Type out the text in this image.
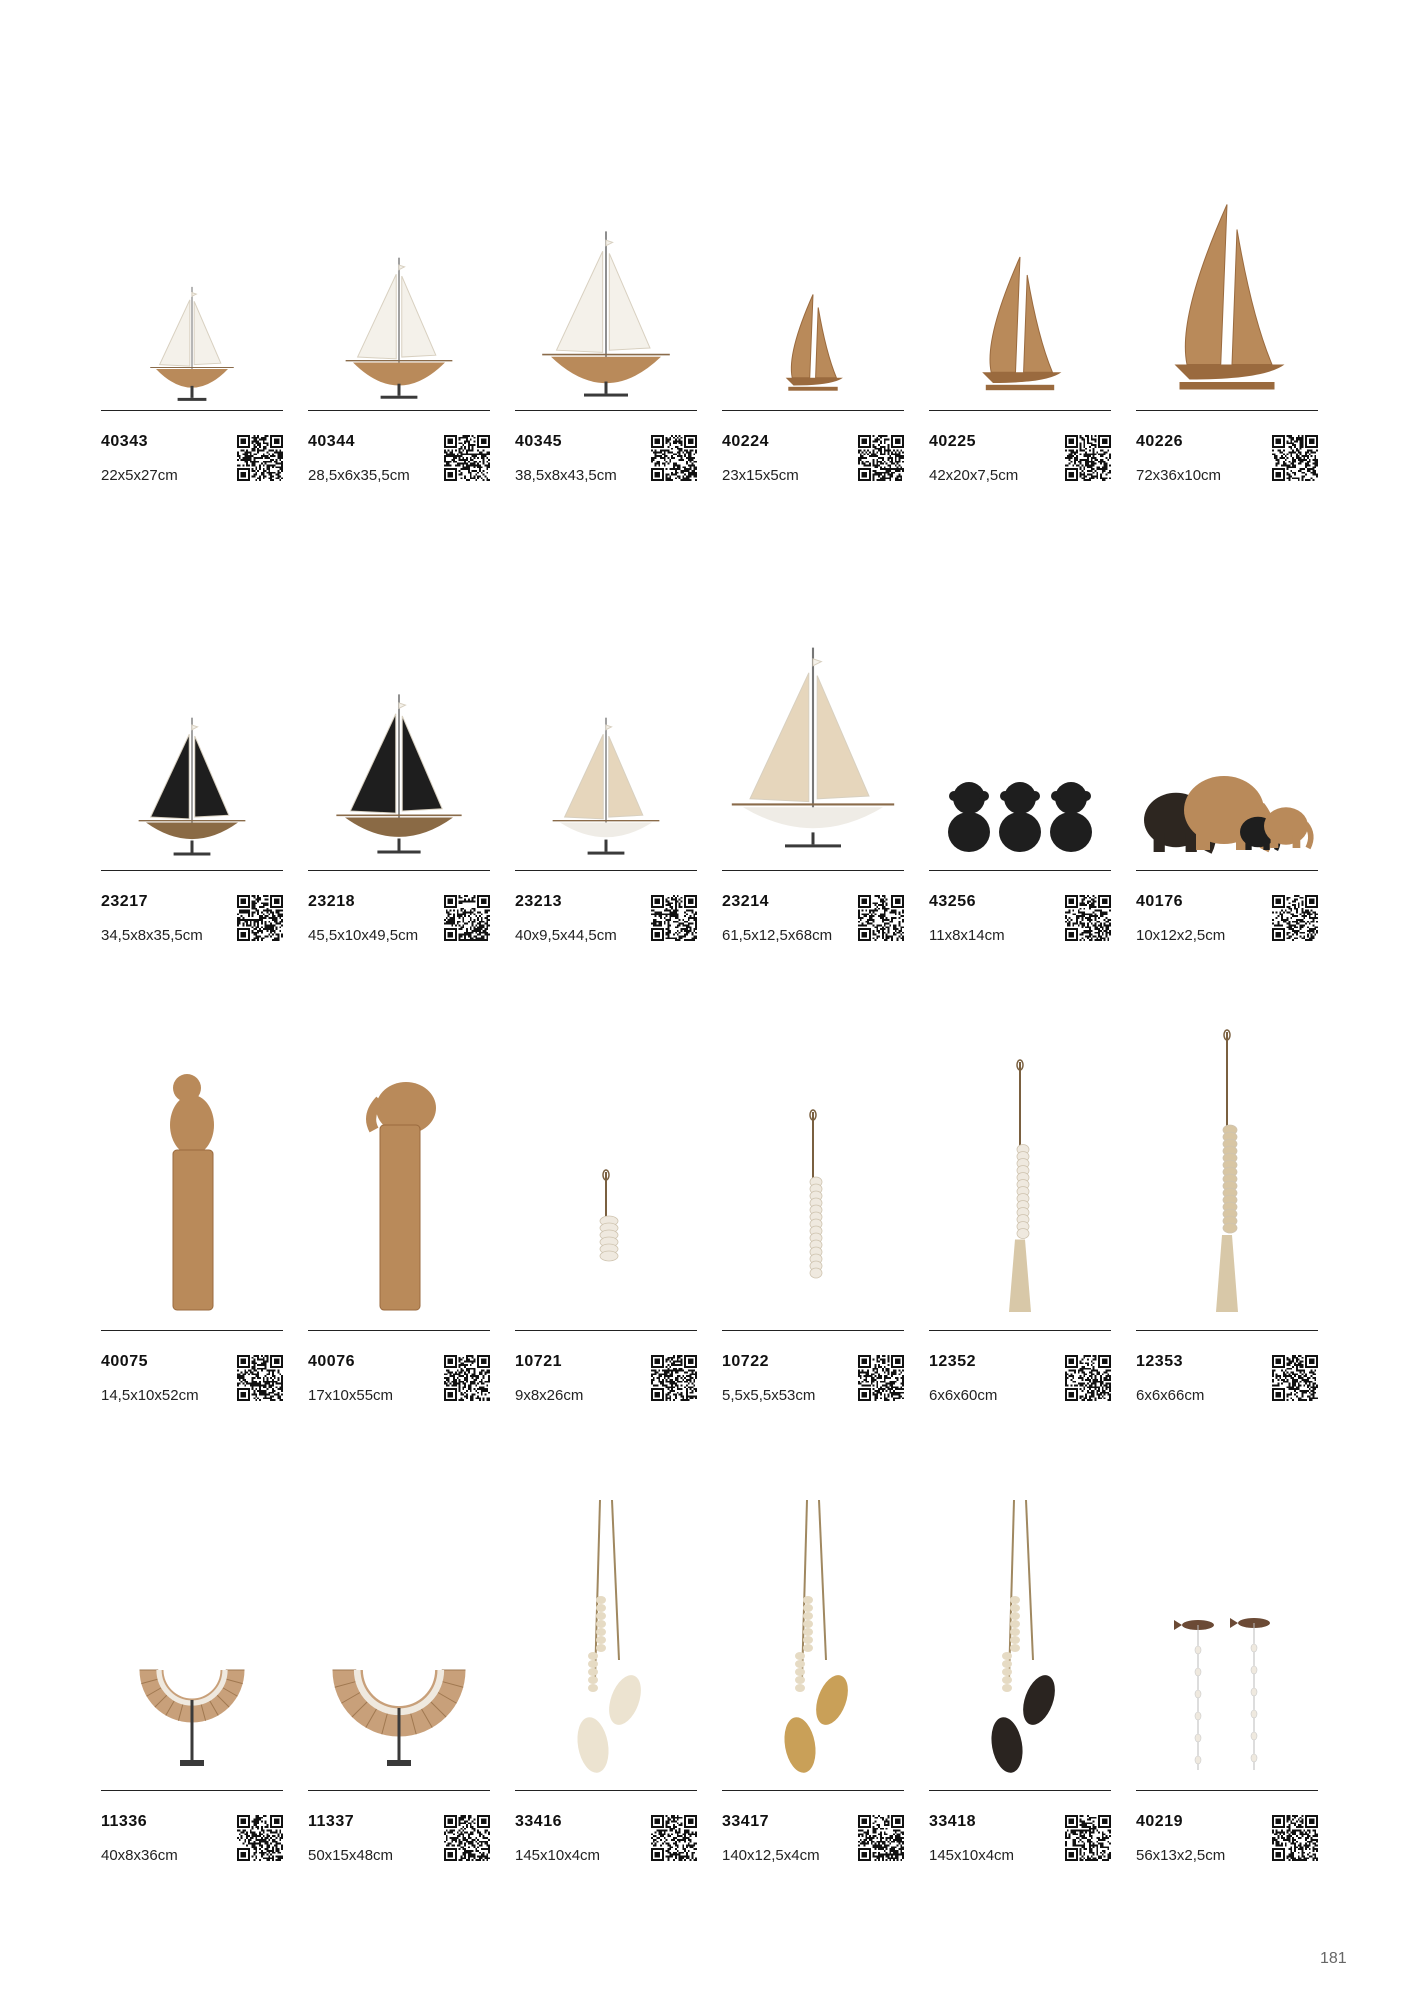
40343
22x5x27cm
40344
28,5x6x35,5cm
40345
38,5x8x43,5cm
40224
23x15x5cm
40225
42x20x7,5cm
40226
72x36x10cm
23217
34,5x8x35,5cm
23218
45,5x10x49,5cm
23213
40x9,5x44,5cm
23214
61,5x12,5x68cm
43256
11x8x14cm
40176
10x12x2,5cm
40075
14,5x10x52cm
40076
17x10x55cm
10721
9x8x26cm
10722
5,5x5,5x53cm
12352
6x6x60cm
12353
6x6x66cm
11336
40x8x36cm
11337
50x15x48cm
33416
145x10x4cm
33417
140x12,5x4cm
33418
145x10x4cm
40219
56x13x2,5cm
181
